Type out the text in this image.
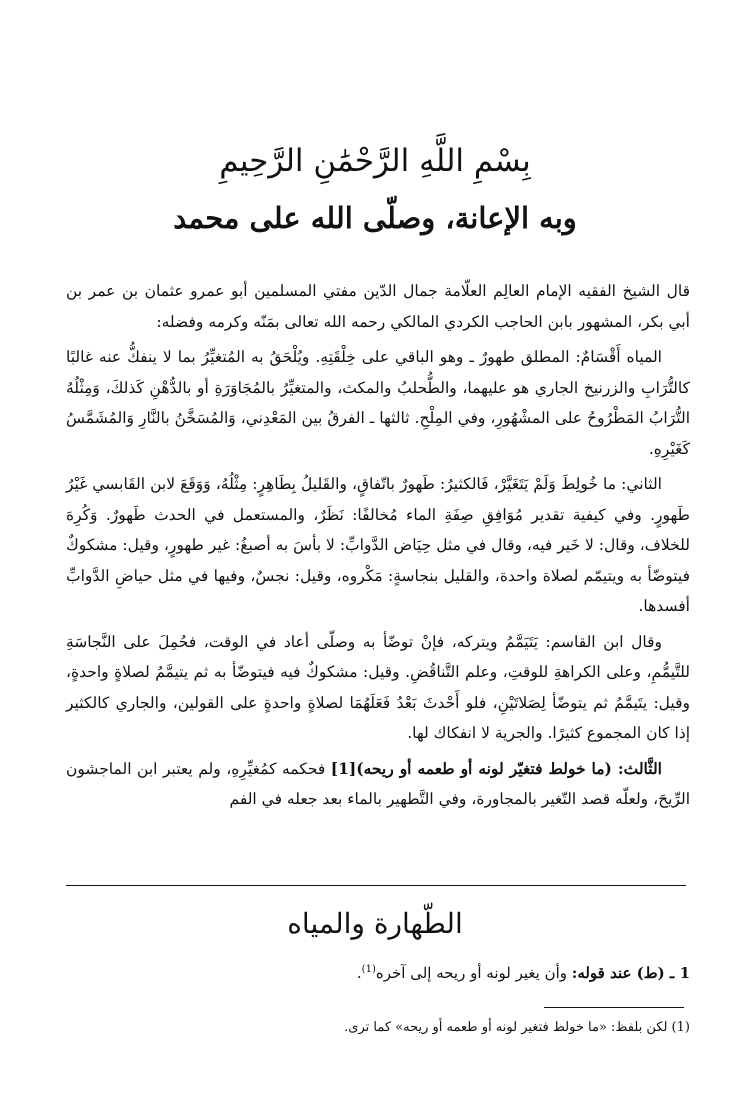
بِسْمِ اللَّهِ الرَّحْمَٰنِ الرَّحِيمِ
وبه الإعانة، وصلّى الله على محمد

قال الشيخ الفقيه الإمام العالِم العلّامة جمال الدّين مفتي المسلمين أبو عمرو عثمان بن عمر بن أبي بكر، المشهور بابن الحاجب الكردي المالكي رحمه الله تعالى بمَنّه وكرمه وفضله:

المياه أَقْسَامٌ: المطلق طهورٌ ـ وهو الباقي على خِلْقَتِهِ. ويُلْحَقُ به المُتغيِّرُ بما لا ينفكُّ عنه غالبًا كالتُّرَابِ والزرنيخ الجاري هو عليهما، والطُّحلبُ والمكث، والمتغيِّرُ بالمُجَاوَرَةِ أو بالدُّهْنِ كَذلكَ، وَمِثْلُهُ التُّرَابُ المَطْرُوحُ على المشْهُورِ، وفي المِلْحِ. ثالثها ـ الفرقُ بين المَعْدِني، وَالمُسَخَّنُ بالنَّارِ وَالمُشَمَّسُ كَغَيْرِهِ.

الثاني: ما خُولِطَ وَلَمْ يَتَغَيَّرْ، فَالكثيرُ: طَهورٌ باتّفاقٍ، والقَليلُ بِطَاهِرٍ: مِثْلُهُ، وَوَقَعَ لابن القَابسي غَيْرُ طَهورٍ. وفي كيفية تقدير مُوَافِقِ صِفَةِ الماء مُخالفًا: نَظَرٌ، والمستعمل في الحدث طَهورٌ. وَكُرِهَ للخلاف، وقال: لا خَير فيه، وقال في مثل حِيَاض الدَّوابِّ: لا بأسَ به أصبغُ: غير طهورٍ، وقيل: مشكوكٌ فيتوضّأ به ويتيمّم لصلاة واحدة، والقليل بنجاسةٍ: مَكْروه، وقيل: نجسٌ، وفيها في مثل حياضِ الدَّوابِّ أفسدها.

وقال ابن القاسم: يَتَيَمَّمُ ويتركه، فإنْ توضّأ به وصلّى أعاد في الوقت، فحُمِلَ على النَّجاسَةِ للتَّيمُّمِ، وعلى الكراهةِ للوقتِ، وعلم التَّناقُضِ. وقيل: مشكوكٌ فيه فيتوضّأ به ثم يتيمَّمُ لصلاةٍ واحدةٍ، وقيل: يتَيمَّمُ ثم يتوضّأ لِصَلاتَيْنِ، فلو أَحْدثَ بَعْدُ فَعَلَهُمَا لصلاةٍ واحدةٍ على القولين، والجاري كالكثير إذا كان المجموع كثيرًا. والجرية لا انفكاك لها.

الثَّالث: (ما خولط فتغيّر لونه أو طعمه أو ريحه)[1] فحكمه كمُغيِّرِهِ، ولم يعتبر ابن الماجشون الرِّيحَ، ولعلّه قصد التّغير بالمجاورة، وفي التَّطهير بالماء بعد جعله في الفم

الطّهارة والمياه
1 ـ (ط) عند قوله: وأن يغير لونه أو ريحه إلى آخره$^{(1)}$.
(1) لكن بلفظ: «ما خولط فتغير لونه أو طعمه أو ريحه» كما ترى.
